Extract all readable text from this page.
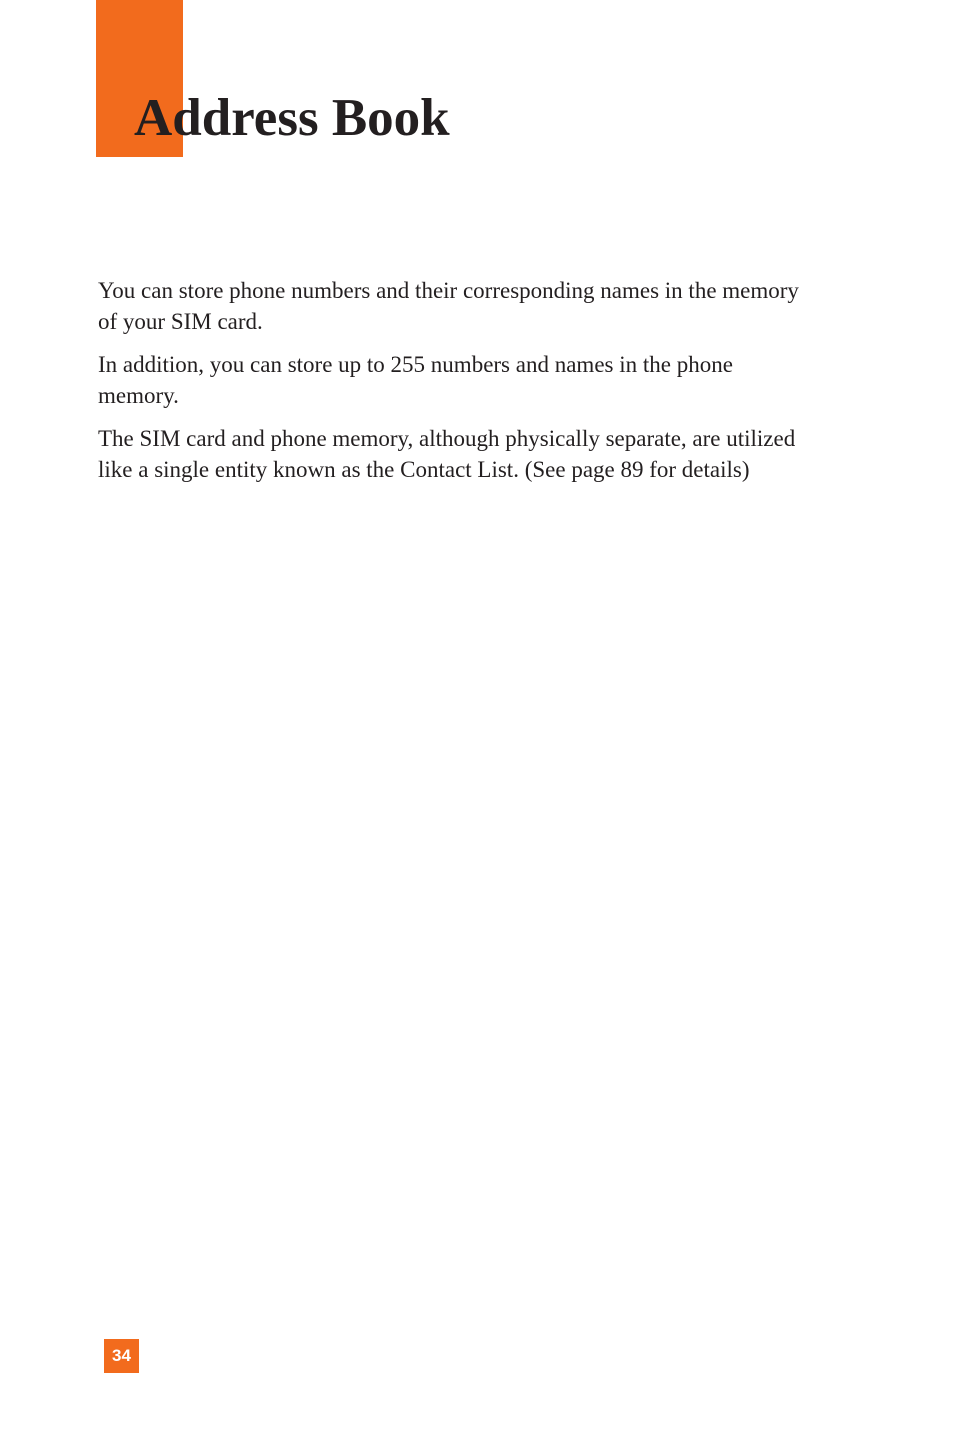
Address Book

You can store phone numbers and their corresponding names in the memory of your SIM card.

In addition, you can store up to 255 numbers and names in the phone memory.

The SIM card and phone memory, although physically separate, are utilized like a single entity known as the Contact List. (See page 89 for details)

34
